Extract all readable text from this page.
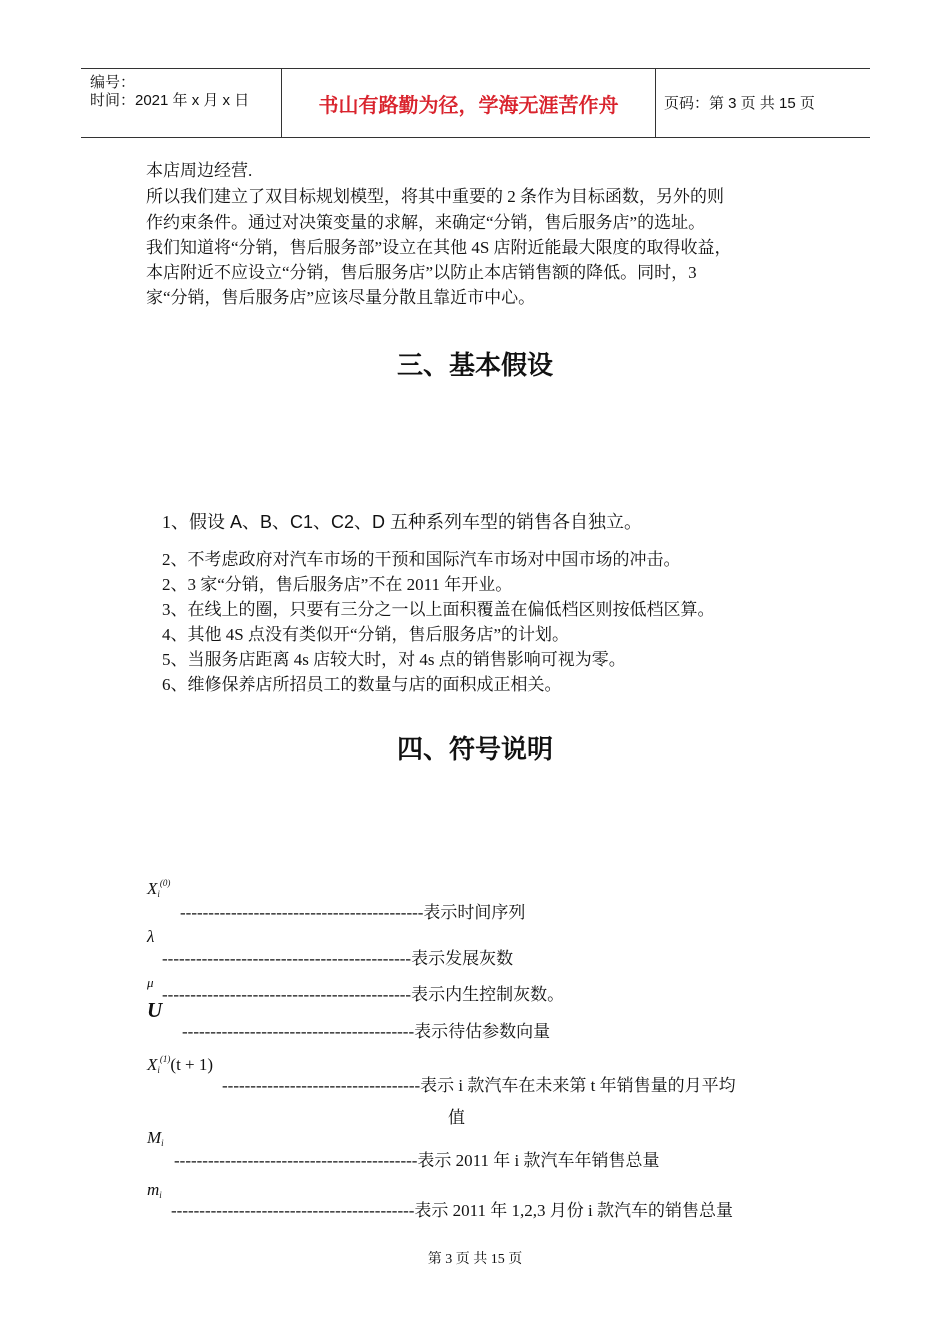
编号：
时间：2021 年 x 月 x 日	书山有路勤为径，学海无涯苦作舟	页码：第 3 页 共 15 页
本店周边经营.
所以我们建立了双目标规划模型，将其中重要的 2 条作为目标函数，另外的则
作约束条件。通过对决策变量的求解，来确定“分销，售后服务店”的选址。
我们知道将“分销，售后服务部”设立在其他 4S 店附近能最大限度的取得收益，
本店附近不应设立“分销，售后服务店”以防止本店销售额的降低。同时，3
家“分销，售后服务店”应该尽量分散且靠近市中心。
三、基本假设
1、假设 A、B、C1、C2、D 五种系列车型的销售各自独立。
2、不考虑政府对汽车市场的干预和国际汽车市场对中国市场的冲击。
2、3 家“分销，售后服务店”不在 2011 年开业。
3、在线上的圈，只要有三分之一以上面积覆盖在偏低档区则按低档区算。
4、其他 4S 点没有类似开“分销，售后服务店”的计划。
5、当服务店距离 4s 店较大时，对 4s 点的销售影响可视为零。
6、维修保养店所招员工的数量与店的面积成正相关。
四、符号说明
$X_i^{(0)}$
-------------------------------------------表示时间序列
λ
--------------------------------------------表示发展灰数
μ
--------------------------------------------表示内生控制灰数。
U
-----------------------------------------表示待估参数向量
$X_i^{(1)}(t + 1)$
-----------------------------------表示 i 款汽车在未来第 t 年销售量的月平均
值
$M_i$
-------------------------------------------表示 2011 年 i 款汽车年销售总量
$m_i$
-------------------------------------------表示 2011 年 1,2,3 月份 i 款汽车的销售总量
第 3 页 共 15 页
